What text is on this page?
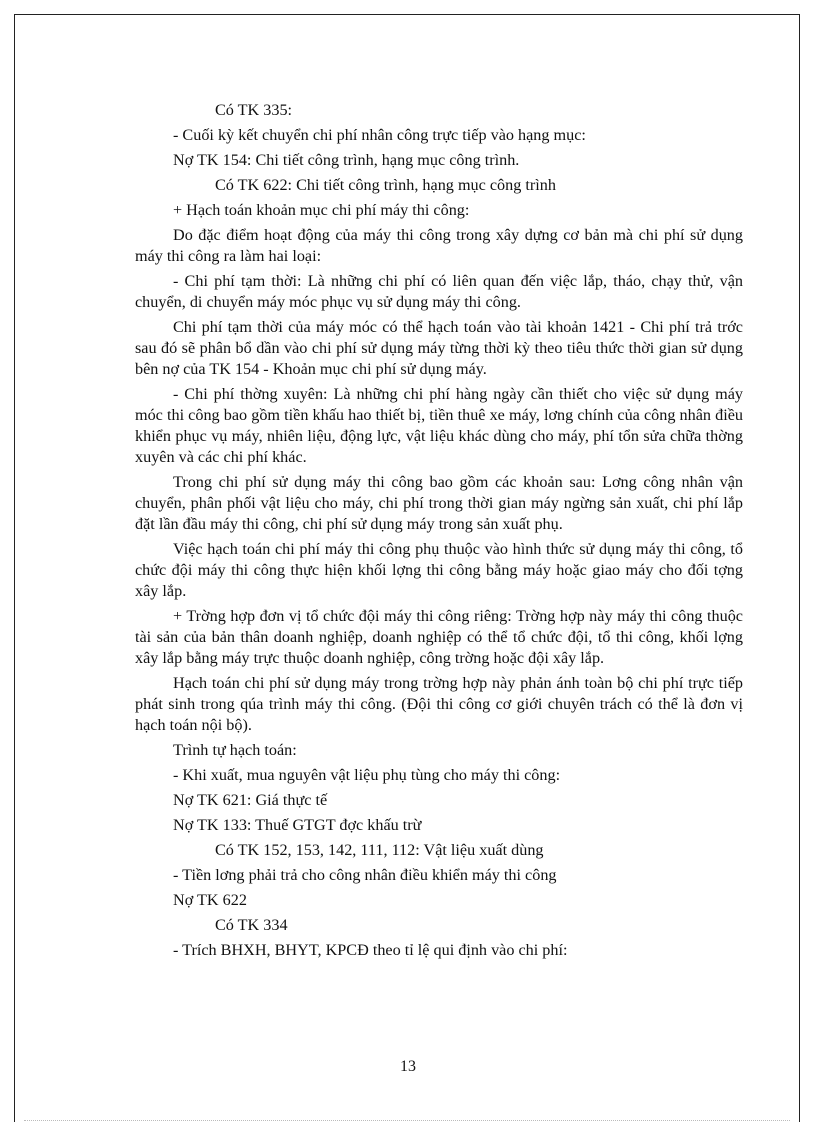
Có TK 335:

- Cuối kỳ kết chuyển chi phí nhân công trực tiếp vào hạng mục:

Nợ TK 154: Chi tiết công trình, hạng mục công trình.

Có TK 622: Chi tiết công trình, hạng mục công trình

+ Hạch toán khoản mục chi phí máy thi công:

Do đặc điểm hoạt động của máy thi công trong xây dựng cơ bản mà chi phí sử dụng máy thi công ra làm hai loại:

- Chi phí tạm thời: Là những chi phí có liên quan đến việc lắp, tháo, chạy thử, vận chuyển, di chuyển máy móc phục vụ sử dụng máy thi công.

Chi phí tạm thời của máy móc có thể hạch toán vào tài khoản 1421 - Chi phí trả trớc sau đó sẽ phân bổ dần vào chi phí sử dụng máy từng thời kỳ theo tiêu thức thời gian sử dụng bên nợ của TK 154 - Khoản mục chi phí sử dụng máy.

- Chi phí thờng xuyên: Là những chi phí hàng ngày cần thiết cho việc sử dụng máy móc thi công bao gồm tiền khấu hao thiết bị, tiền thuê xe máy, lơng chính của công nhân điều khiển phục vụ máy, nhiên liệu, động lực, vật liệu khác dùng cho máy, phí tổn sửa chữa thờng xuyên và các chi phí khác.

Trong chi phí sử dụng máy thi công bao gồm các khoản sau: Lơng công nhân vận chuyển, phân phối vật liệu cho máy, chi phí trong thời gian máy ngừng sản xuất, chi phí lắp đặt lần đầu máy thi công, chi phí sử dụng máy trong sản xuất phụ.

Việc hạch toán chi phí máy thi công phụ thuộc vào hình thức sử dụng máy thi công, tổ chức đội máy thi công thực hiện khối lợng thi công bằng máy hoặc giao máy cho đối tợng xây lắp.

+ Trờng hợp đơn vị tổ chức đội máy thi công riêng: Trờng hợp này máy thi công thuộc tài sản của bản thân doanh nghiệp, doanh nghiệp có thể tổ chức đội, tổ thi công, khối lợng xây lắp bằng máy trực thuộc doanh nghiệp, công trờng hoặc đội xây lắp.

Hạch toán chi phí sử dụng máy trong trờng hợp này phản ánh toàn bộ chi phí trực tiếp phát sinh trong qúa trình máy thi công. (Đội thi công cơ giới chuyên trách có thể là đơn vị hạch toán nội bộ).

Trình tự hạch toán:

- Khi xuất, mua nguyên vật liệu phụ tùng cho máy thi công:

Nợ TK 621: Giá thực tế

Nợ TK 133: Thuế GTGT đợc khấu trừ

Có TK 152, 153, 142, 111, 112: Vật liệu xuất dùng

- Tiền lơng phải trả cho công nhân điều khiển máy thi công

Nợ TK 622

Có TK 334

- Trích BHXH, BHYT, KPCĐ theo tỉ lệ qui định vào chi phí:

13
